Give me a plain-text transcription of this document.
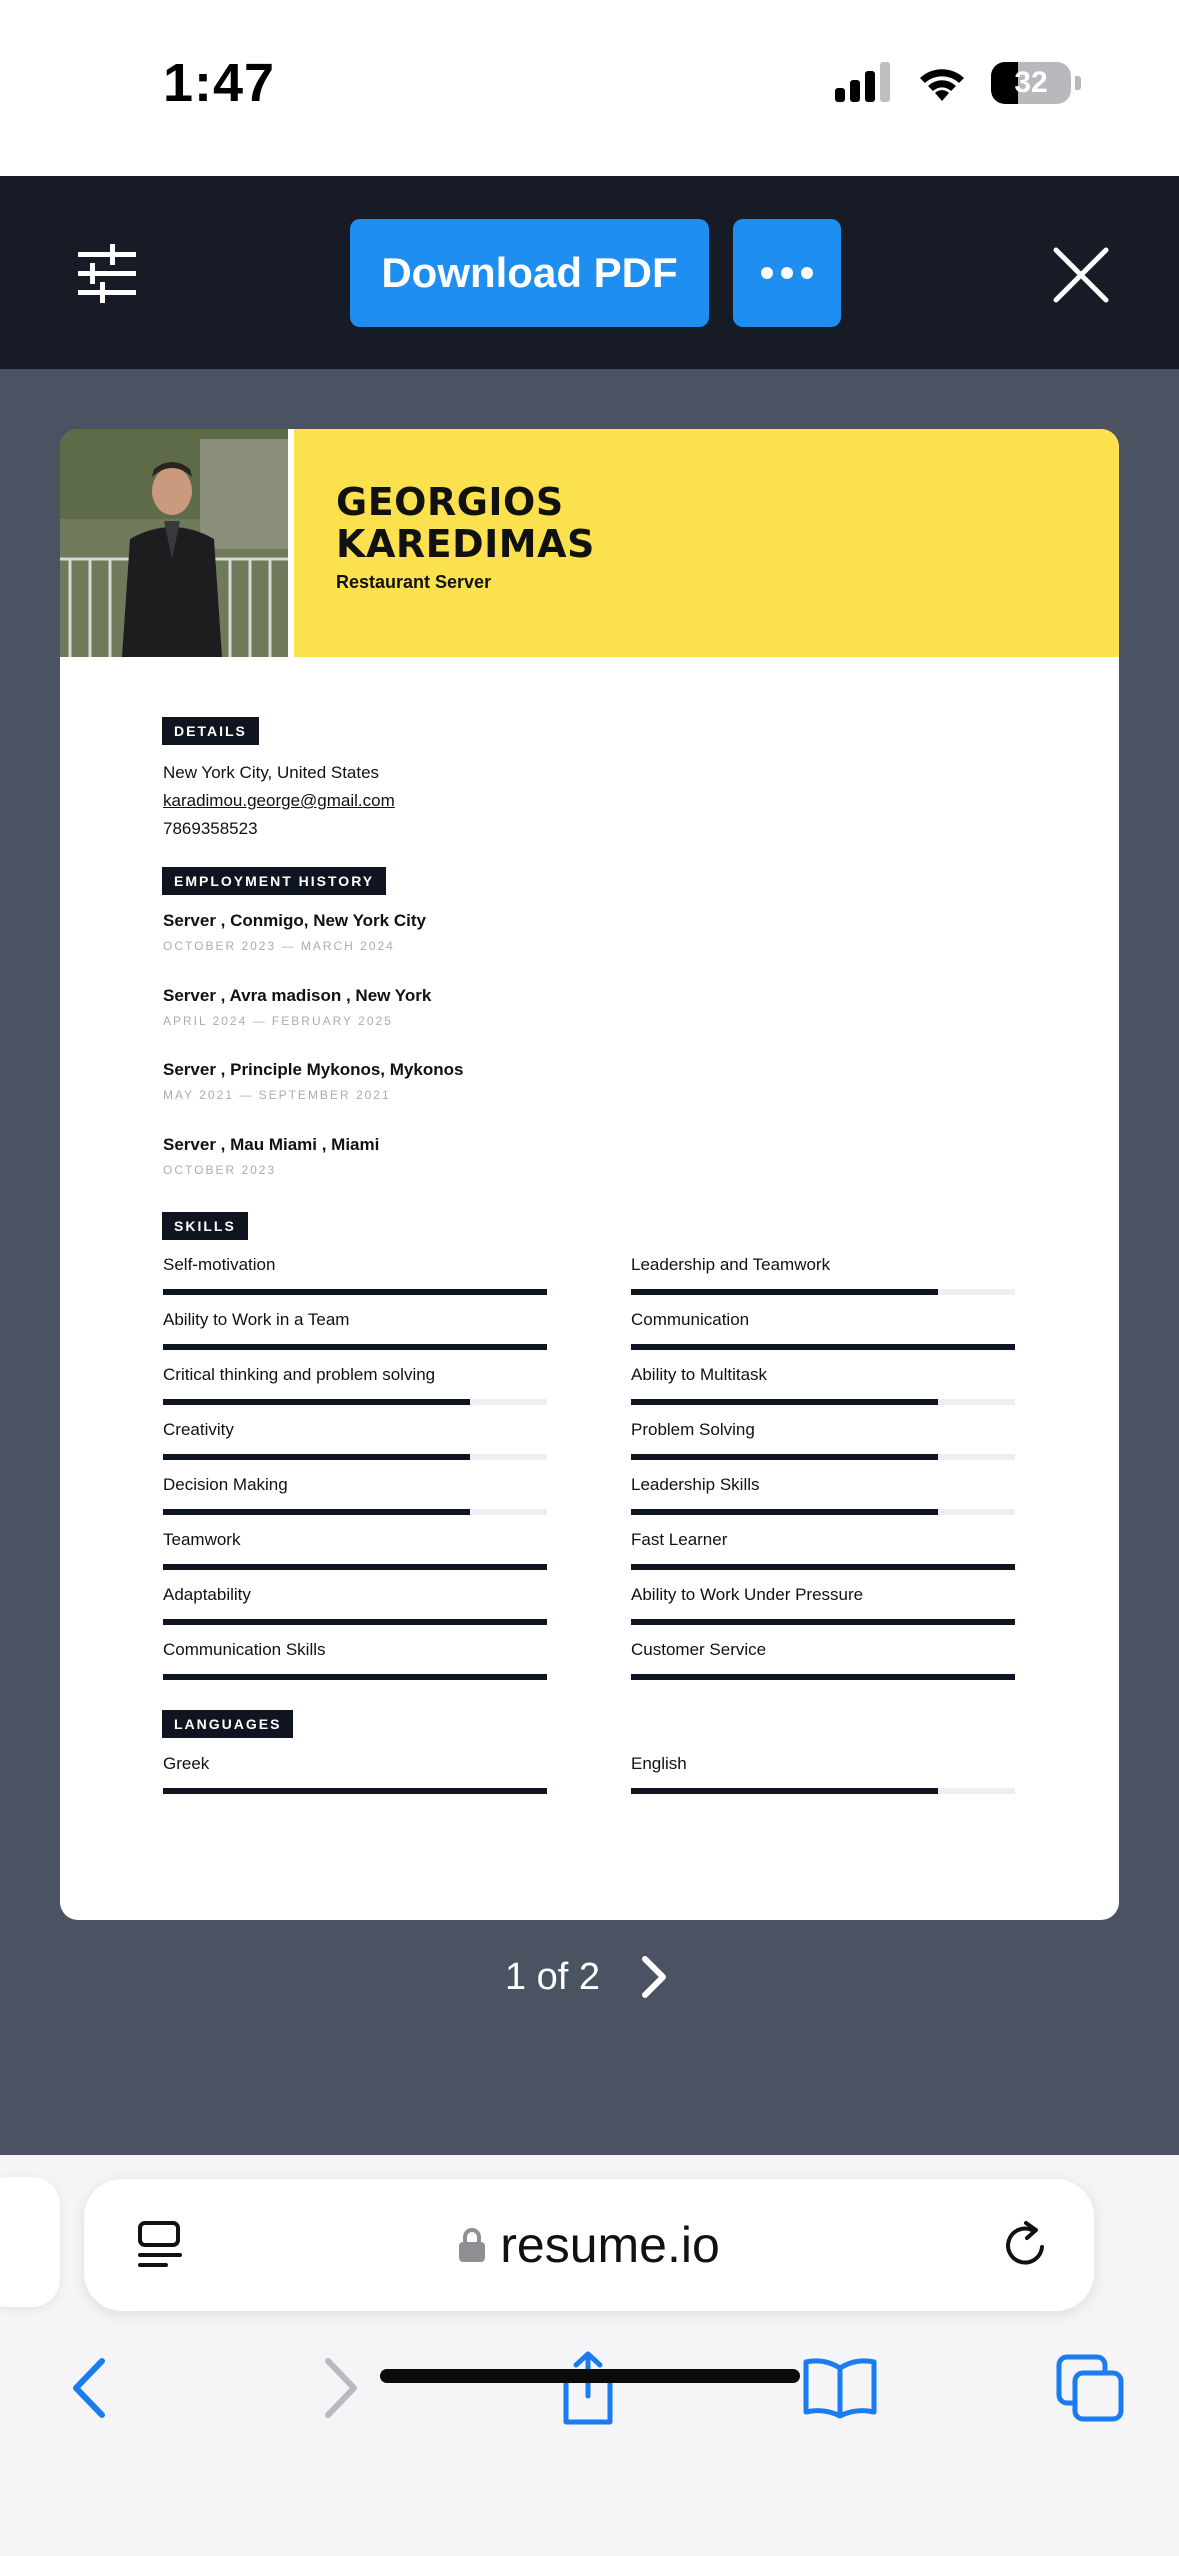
1:47	32
Download PDF
GEORGIOS
KAREDIMAS
Restaurant Server
DETAILS
New York City, United States
karadimou.george@gmail.com
7869358523
EMPLOYMENT HISTORY
Server , Conmigo, New York City
OCTOBER 2023 — MARCH 2024
Server , Avra madison , New York
APRIL 2024 — FEBRUARY 2025
Server , Principle Mykonos, Mykonos
MAY 2021 — SEPTEMBER 2021
Server , Mau Miami , Miami
OCTOBER 2023
SKILLS
Self-motivation
Ability to Work in a Team
Critical thinking and problem solving
Creativity
Decision Making
Teamwork
Adaptability
Communication Skills
Leadership and Teamwork
Communication
Ability to Multitask
Problem Solving
Leadership Skills
Fast Learner
Ability to Work Under Pressure
Customer Service
LANGUAGES
Greek	English
1 of 2
resume.io
